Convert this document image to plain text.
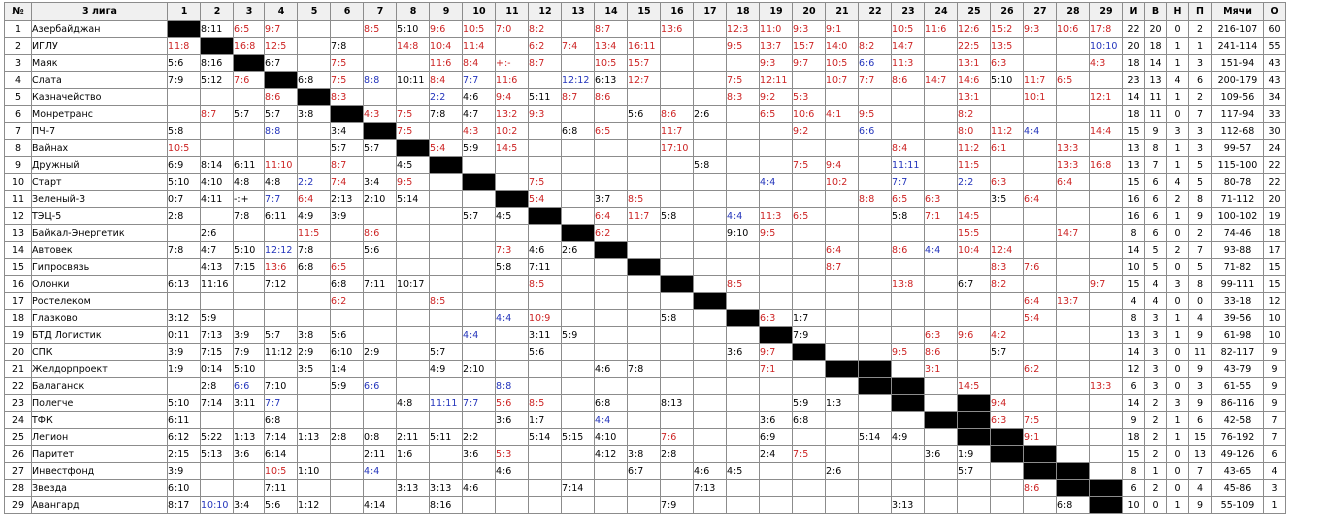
№	3 лига	1	2	3	4	5	6	7	8	9	10	11	12	13	14	15	16	17	18	19	20	21	22	23	24	25	26	27	28	29	И	В	Н	П	Мячи	О
1	Азербайджан		8:11	6:5	9:7			8:5	5:10	9:6	10:5	7:0	8:2		8:7		13:6		12:3	11:0	9:3	9:1		10:5	11:6	12:6	15:2	9:3	10:6	17:8	22	20	0	2	216-107	60
2	ИГЛУ	11:8		16:8	12:5		7:8		14:8	10:4	11:4		6:2	7:4	13:4	16:11			9:5	13:7	15:7	14:0	8:2	14:7		22:5	13:5			10:10	20	18	1	1	241-114	55
3	Маяк	5:6	8:16		6:7		7:5			11:6	8:4	+:-	8:7		10:5	15:7				9:3	9:7	10:5	6:6	11:3		13:1	6:3			4:3	18	14	1	3	151-94	43
4	Слата	7:9	5:12	7:6		6:8	7:5	8:8	10:11	8:4	7:7	11:6		12:12	6:13	12:7			7:5	12:11		10:7	7:7	8:6	14:7	14:6	5:10	11:7	6:5		23	13	4	6	200-179	43
5	Казначейство				8:6		8:3			2:2	4:6	9:4	5:11	8:7	8:6				8:3	9:2	5:3					13:1		10:1		12:1	14	11	1	2	109-56	34
6	Монретранс		8:7	5:7	5:7	3:8		4:3	7:5	7:8	4:7	13:2	9:3			5:6	8:6	2:6		6:5	10:6	4:1	9:5			8:2					18	11	0	7	117-94	33
7	ПЧ-7	5:8			8:8		3:4		7:5		4:3	10:2		6:8	6:5		11:7				9:2		6:6			8:0	11:2	4:4		14:4	15	9	3	3	112-68	30
8	Вайнах	10:5					5:7	5:7		5:4	5:9	14:5					17:10							8:4		11:2	6:1		13:3		13	8	1	3	99-57	24
9	Дружный	6:9	8:14	6:11	11:10		8:7		4:5									5:8			7:5	9:4		11:11		11:5			13:3	16:8	13	7	1	5	115-100	22
10	Старт	5:10	4:10	4:8	4:8	2:2	7:4	3:4	9:5				7:5							4:4		10:2		7:7		2:2	6:3		6:4		15	6	4	5	80-78	22
11	Зеленый-3	0:7	4:11	-:+	7:7	6:4	2:13	2:10	5:14				5:4		3:7	8:5							8:8	6:5	6:3		3:5	6:4			16	6	2	8	71-112	20
12	ТЭЦ-5	2:8		7:8	6:11	4:9	3:9				5:7	4:5			6:4	11:7	5:8		4:4	11:3	6:5			5:8	7:1	14:5					16	6	1	9	100-102	19
13	Байкал-Энергетик		2:6			11:5		8:6							6:2				9:10	9:5						15:5			14:7		8	6	0	2	74-46	18
14	Автовек	7:8	4:7	5:10	12:12	7:8		5:6				7:3	4:6	2:6								6:4		8:6	4:4	10:4	12:4				14	5	2	7	93-88	17
15	Гипросвязь		4:13	7:15	13:6	6:8	6:5					5:8	7:11									8:7					8:3	7:6			10	5	0	5	71-82	15
16	Олонки	6:13	11:16		7:12		6:8	7:11	10:17				8:5						8:5					13:8		6:7	8:2			9:7	15	4	3	8	99-111	15
17	Ростелеком						6:2			8:5																		6:4	13:7		4	4	0	0	33-18	12
18	Глазково	3:12	5:9									4:4	10:9				5:8			6:3	1:7							5:4			8	3	1	4	39-56	10
19	БТД Логистик	0:11	7:13	3:9	5:7	3:8	5:6				4:4		3:11	5:9							7:9				6:3	9:6	4:2				13	3	1	9	61-98	10
20	СПК	3:9	7:15	7:9	11:12	2:9	6:10	2:9		5:7			5:6						3:6	9:7				9:5	8:6		5:7				14	3	0	11	82-117	9
21	Желдорпроект	1:9	0:14	5:10		3:5	1:4			4:9	2:10				4:6	7:8				7:1					3:1			6:2			12	3	0	9	43-79	9
22	Балаганск		2:8	6:6	7:10		5:9	6:6				8:8														14:5				13:3	6	3	0	3	61-55	9
23	Полегче	5:10	7:14	3:11	7:7				4:8	11:11	7:7	5:6	8:5		6:8		8:13				5:9	1:3					9:4				14	2	3	9	86-116	9
24	ТФК	6:11			6:8							3:6	1:7		4:4					3:6	6:8						6:3	7:5			9	2	1	6	42-58	7
25	Легион	6:12	5:22	1:13	7:14	1:13	2:8	0:8	2:11	5:11	2:2		5:14	5:15	4:10		7:6			6:9			5:14	4:9				9:1			18	2	1	15	76-192	7
26	Паритет	2:15	5:13	3:6	6:14			2:11	1:6		3:6	5:3			4:12	3:8	2:8			2:4	7:5				3:6	1:9					15	2	0	13	49-126	6
27	Инвестфонд	3:9			10:5	1:10		4:4				4:6				6:7		4:6	4:5			2:6				5:7					8	1	0	7	43-65	4
28	Звезда	6:10			7:11				3:13	3:13	4:6			7:14				7:13										8:6			6	2	0	4	45-86	3
29	Авангард	8:17	10:10	3:4	5:6	1:12		4:14		8:16							7:9							3:13					6:8		10	0	1	9	55-109	1
